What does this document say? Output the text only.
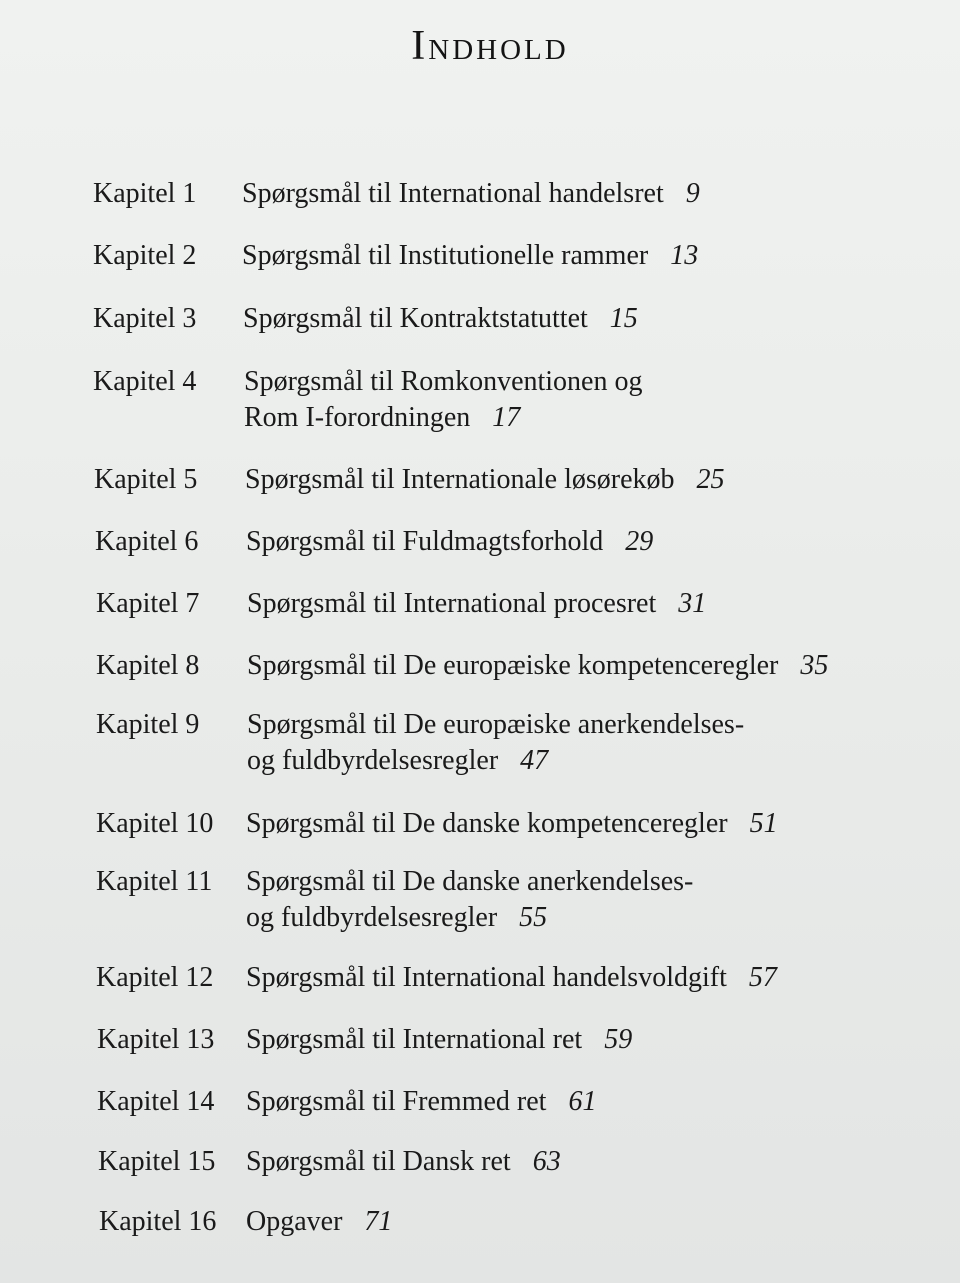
Indhold
Kapitel 1 Spørgsmål til International handelsret 9
Kapitel 2 Spørgsmål til Institutionelle rammer 13
Kapitel 3 Spørgsmål til Kontraktstatuttet 15
Kapitel 4 Spørgsmål til Romkonventionen og
Rom I-forordningen 17
Kapitel 5 Spørgsmål til Internationale løsørekøb 25
Kapitel 6 Spørgsmål til Fuldmagtsforhold 29
Kapitel 7 Spørgsmål til International procesret 31
Kapitel 8 Spørgsmål til De europæiske kompetenceregler 35
Kapitel 9 Spørgsmål til De europæiske anerkendelses-
og fuldbyrdelsesregler 47
Kapitel 10 Spørgsmål til De danske kompetenceregler 51
Kapitel 11 Spørgsmål til De danske anerkendelses-
og fuldbyrdelsesregler 55
Kapitel 12 Spørgsmål til International handelsvoldgift 57
Kapitel 13 Spørgsmål til International ret 59
Kapitel 14 Spørgsmål til Fremmed ret 61
Kapitel 15 Spørgsmål til Dansk ret 63
Kapitel 16 Opgaver 71
